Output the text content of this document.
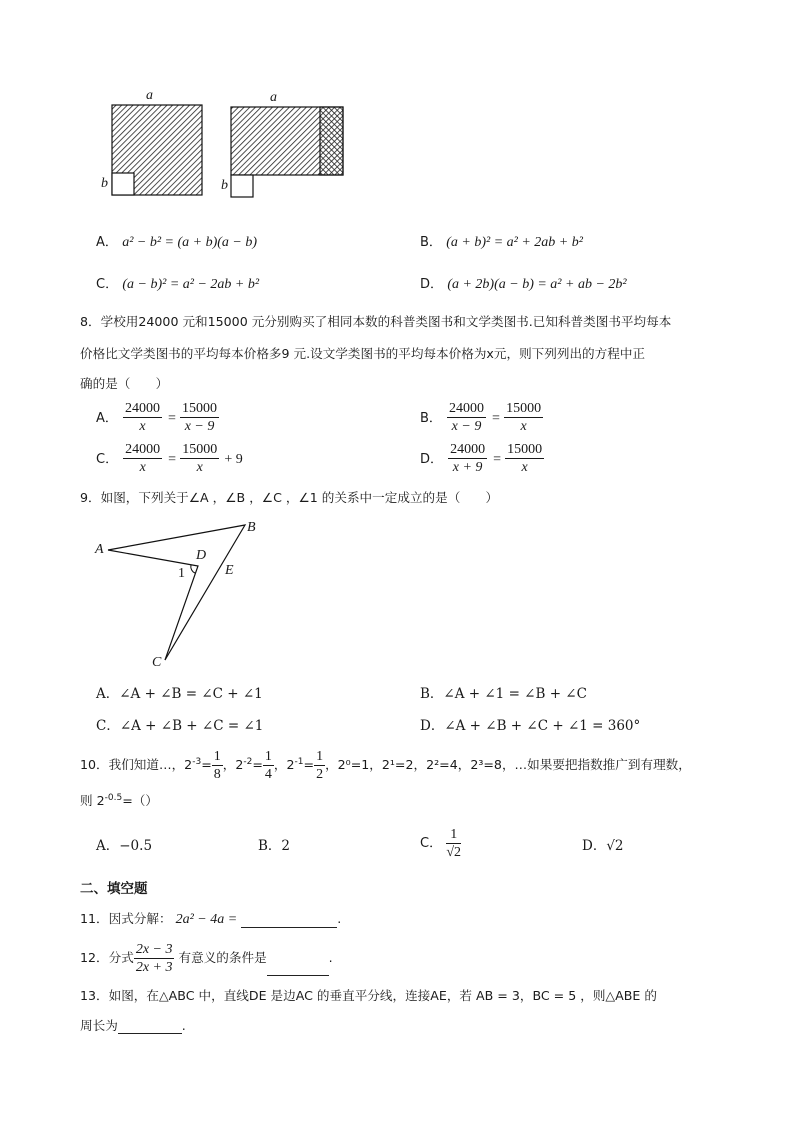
a
b
a
b
A． a² − b² = (a + b)(a − b)	B． (a + b)² = a² + 2ab + b²
C． (a − b)² = a² − 2ab + b²	D． (a + 2b)(a − b) = a² + ab − 2b²
8．学校用24000 元和15000 元分别购买了相同本数的科普类图书和文学类图书.已知科普类图书平均每本
价格比文学类图书的平均每本价格多9 元.设文学类图书的平均每本价格为x元，则下列列出的方程中正
确的是（　　）
A． $\frac{24000}{x} = \frac{15000}{x - 9}$	B． $\frac{24000}{x - 9} = \frac{15000}{x}$
C． $\frac{24000}{x} = \frac{15000}{x} + 9$	D． $\frac{24000}{x + 9} = \frac{15000}{x}$
9．如图，下列关于∠A ，∠B ，∠C ，∠1 的关系中一定成立的是（　　）
A
B
C
D
E
1
A．∠A + ∠B = ∠C + ∠1	B．∠A + ∠1 = ∠B + ∠C
C．∠A + ∠B + ∠C = ∠1	D．∠A + ∠B + ∠C + ∠1 = 360°
10．我们知道…，$2^{-3}= \frac{1}{8}$ ，$2^{-2}= \frac{1}{4}$ ，$2^{-1}= \frac{1}{2}$ ，2⁰=1，2¹=2，2²=4，2³=8，…如果要把指数推广到有理数，
则 $2^{-0.5}=()$
A．−0.5	B．2	C． $\frac{1}{√2}$	D．√2
二、填空题
11．因式分解： 2a² − 4a =	.
12．分式 $\frac{2x - 3}{2x + 3}$ 有意义的条件是	.
13．如图，在△ABC 中，直线DE 是边AC 的垂直平分线，连接AE，若 AB = 3，BC = 5 ，则△ABE 的
周长为	.
